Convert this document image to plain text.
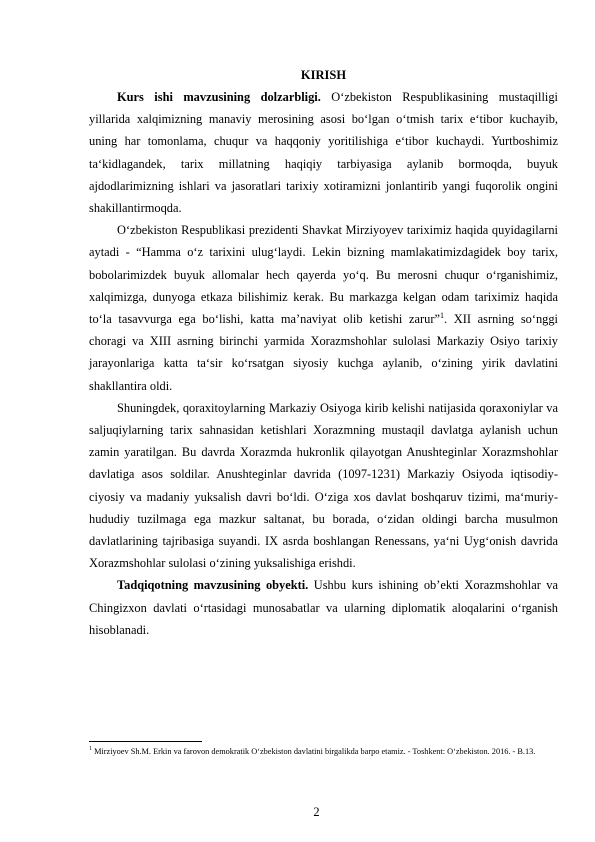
KIRISH

Kurs ishi mavzusining dolzarbligi. O‘zbekiston Respublikasining mustaqilligi yillarida xalqimizning manaviy merosining asosi bo‘lgan o‘tmish tarix e‘tibor kuchayib, uning har tomonlama, chuqur va haqqoniy yoritilishiga e‘tibor kuchaydi. Yurtboshimiz ta‘kidlagandek, tarix millatning haqiqiy tarbiyasiga aylanib bormoqda, buyuk ajdodlarimizning ishlari va jasoratlari tarixiy xotiramizni jonlantirib yangi fuqorolik ongini shakillantirmoqda.

O‘zbekiston Respublikasi prezidenti Shavkat Mirziyoyev tariximiz haqida quyidagilarni aytadi - “Hamma o‘z tarixini ulug‘laydi. Lekin bizning mamlakatimizdagidek boy tarix, bobolarimizdek buyuk allomalar hech qayerda yo‘q. Bu merosni chuqur o‘rganishimiz, xalqimizga, dunyoga etkaza bilishimiz kerak. Bu markazga kelgan odam tariximiz haqida to‘la tasavvurga ega bo‘lishi, katta ma’naviyat olib ketishi zarur”$^1$. XII asrning so‘nggi choragi va XIII asrning birinchi yarmida Xorazmshohlar sulolasi Markaziy Osiyo tarixiy jarayonlariga katta ta‘sir ko‘rsatgan siyosiy kuchga aylanib, o‘zining yirik davlatini shakllantira oldi.

Shuningdek, qoraxitoylarning Markaziy Osiyoga kirib kelishi natijasida qoraxoniylar va saljuqiylarning tarix sahnasidan ketishlari Xorazmning mustaqil davlatga aylanish uchun zamin yaratilgan. Bu davrda Xorazmda hukronlik qilayotgan Anushteginlar Xorazmshohlar davlatiga asos soldilar. Anushteginlar davrida (1097-1231) Markaziy Osiyoda iqtisodiy-ciyosiy va madaniy yuksalish davri bo‘ldi. O‘ziga xos davlat boshqaruv tizimi, ma‘muriy-hududiy tuzilmaga ega mazkur saltanat, bu borada, o‘zidan oldingi barcha musulmon davlatlarining tajribasiga suyandi. IX asrda boshlangan Renessans, ya‘ni Uyg‘onish davrida Xorazmshohlar sulolasi o‘zining yuksalishiga erishdi.

Tadqiqotning mavzusining obyekti. Ushbu kurs ishining ob’ekti Xorazmshohlar va Chingizxon davlati o‘rtasidagi munosabatlar va ularning diplomatik aloqalarini o‘rganish hisoblanadi.

$^1$ Mirziyoev Sh.M. Erkin va farovon demokratik O‘zbekiston davlatini birgalikda barpo etamiz. - Toshkent: O‘zbekiston. 2016. - B.13.
2
